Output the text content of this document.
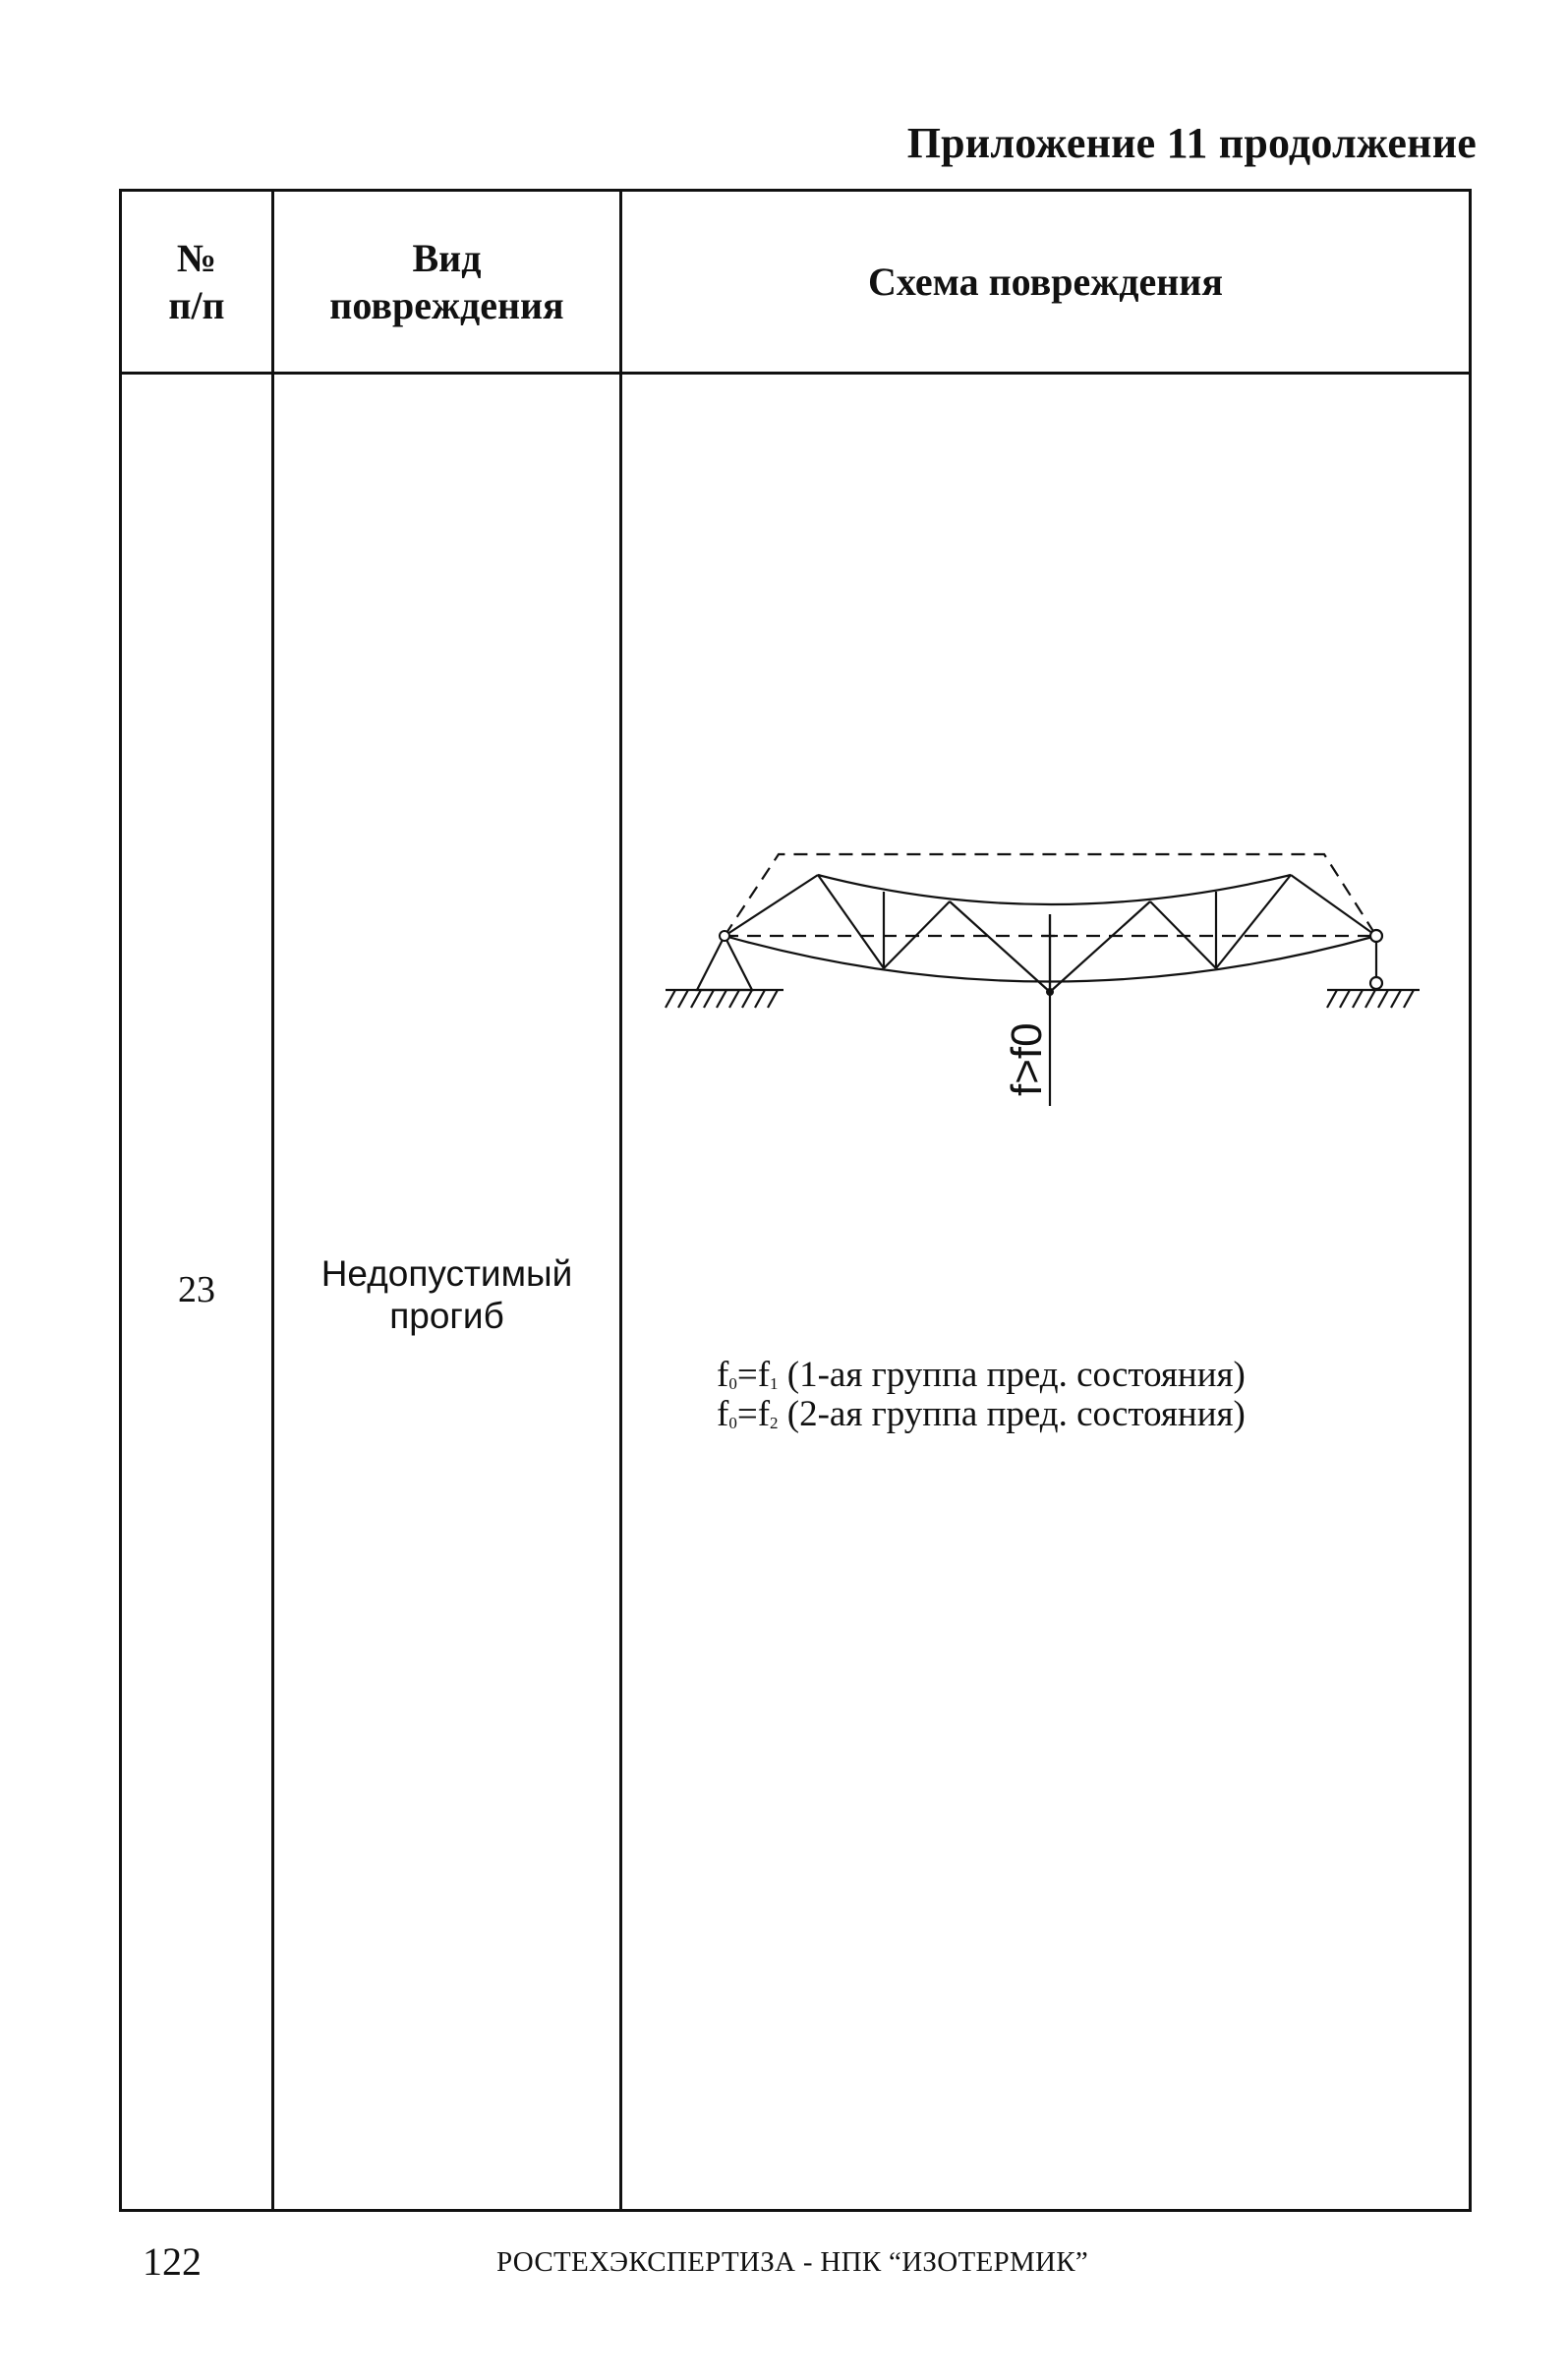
Приложение 11 продолжение
№
п/п
Вид
повреждения
Схема повреждения
23	Недопустимый
прогиб
f>f0
$f_0=f_1$ (1-ая группа пред. состояния)
$f_0=f_2$ (2-ая группа пред. состояния)
122	РОСТЕХЭКСПЕРТИЗА - НПК “ИЗОТЕРМИК”
